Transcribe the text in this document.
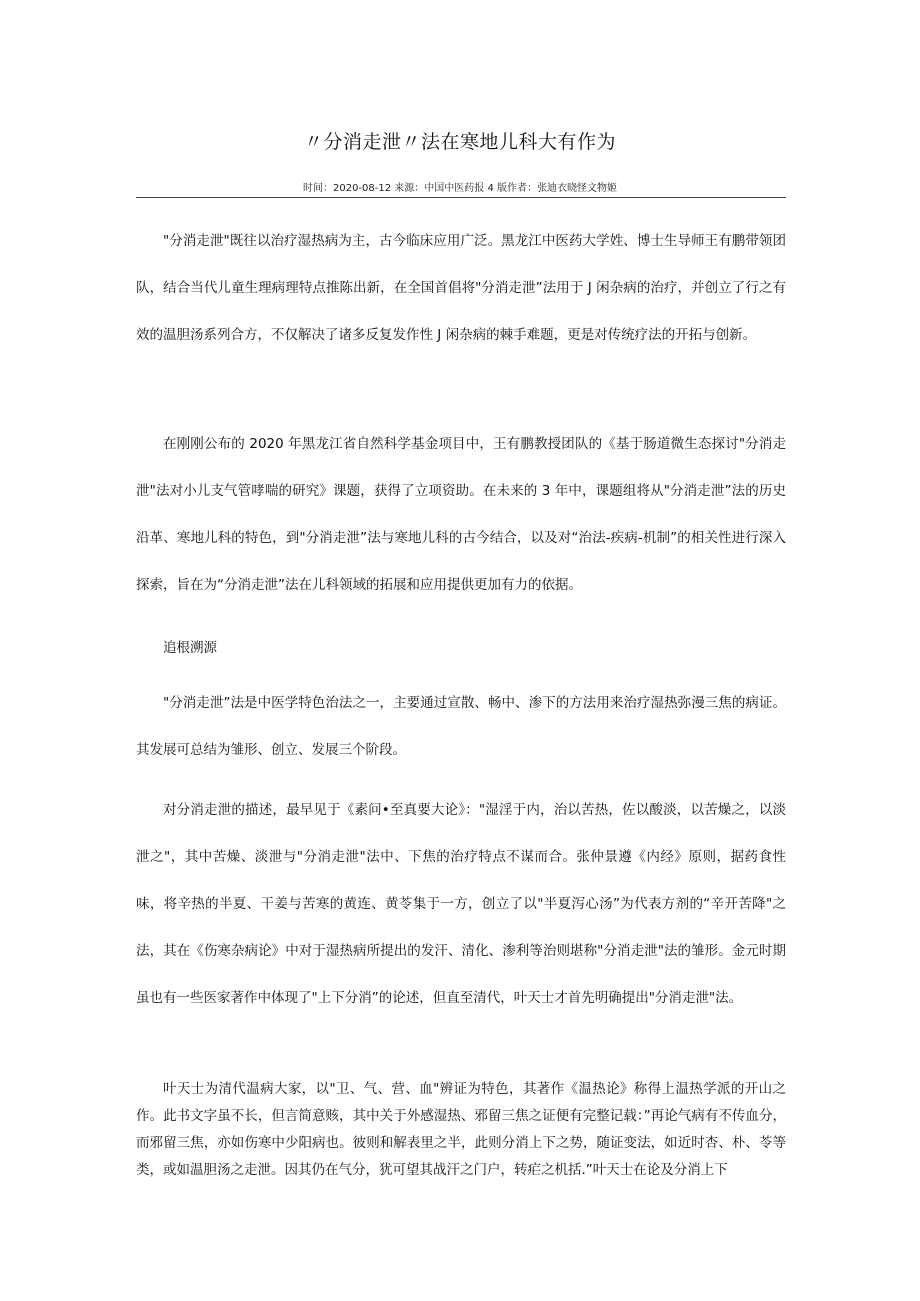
〃分消走泄〃法在寒地儿科大有作为
时间：2020-08-12 来源：中国中医药报 4 版作者：张迪衣晓怪文物姬

"分消走泄"既往以治疗湿热病为主，古今临床应用广泛。黑龙江中医药大学姓、博士生导师王有鹏带领团队，结合当代儿童生理病理特点推陈出新，在全国首倡将"分消走泄”法用于 J 闲杂病的治疗，并创立了行之有效的温胆汤系列合方，不仅解决了诸多反复发作性 J 闲杂病的棘手难题，更是对传统疗法的开拓与创新。

在刚刚公布的 2020 年黑龙江省自然科学基金项目中，王有鹏教授团队的《基于肠道微生态探讨"分消走泄"法对小儿支气管哮喘的研究》课题，获得了立项资助。在未来的 3 年中，课题组将从"分消走泄”法的历史沿革、寒地儿科的特色，到"分消走泄”法与寒地儿科的古今结合，以及对“治法-疾病-机制”的相关性进行深入探索，旨在为“分消走泄”法在儿科领域的拓展和应用提供更加有力的依据。

追根溯源

"分消走泄”法是中医学特色治法之一，主要通过宣散、畅中、渗下的方法用来治疗湿热弥漫三焦的病证。其发展可总结为雏形、创立、发展三个阶段。

对分消走泄的描述，最早见于《素问•至真要大论》："湿淫于内，治以苦热，佐以酸淡，以苦燥之，以淡泄之"，其中苦燥、淡泄与"分消走泄"法中、下焦的治疗特点不谋而合。张仲景遵《内经》原则，据药食性味，将辛热的半夏、干姜与苦寒的黄连、黄苓集于一方，创立了以"半夏泻心汤”为代表方剂的“辛开苦降"之法，其在《伤寒杂病论》中对于湿热病所提出的发汗、清化、渗利等治则堪称"分消走泄"法的雏形。金元时期虽也有一些医家著作中体现了"上下分消”的论述，但直至清代，叶天士才首先明确提出"分消走泄"法。

叶天士为清代温病大家，以"卫、气、营、血"辨证为特色，其著作《温热论》称得上温热学派的开山之作。此书文字虽不长，但言简意赅，其中关于外感湿热、邪留三焦之证便有完整记载：”再论气病有不传血分，而邪留三焦，亦如伤寒中少阳病也。彼则和解表里之半，此则分消上下之势，随证变法，如近时杏、朴、苓等类，或如温胆汤之走泄。因其仍在气分，犹可望其战汗之门户，转疟之机括.”叶天士在论及分消上下
